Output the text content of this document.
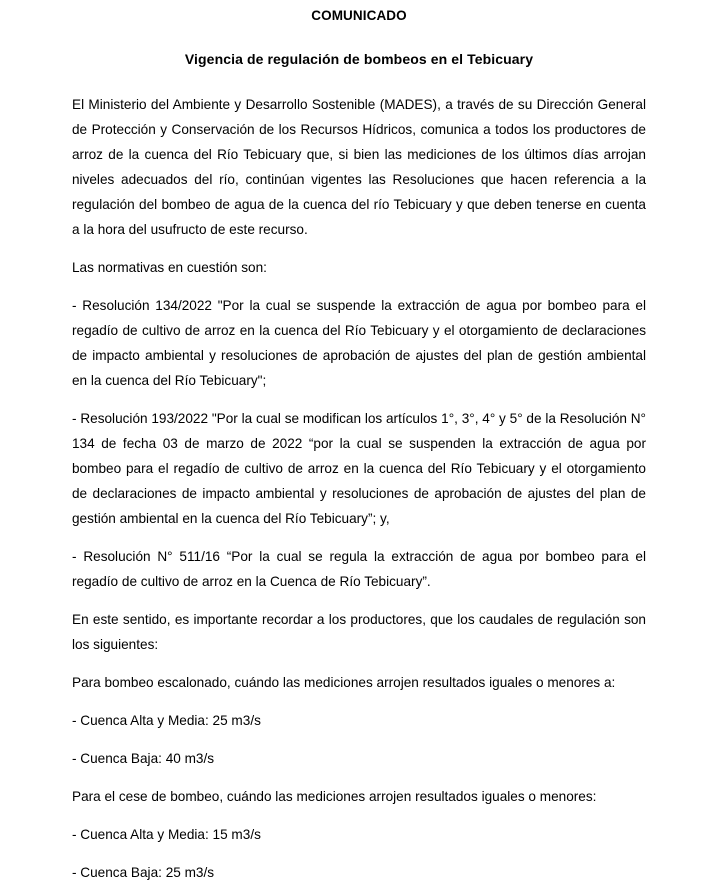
COMUNICADO
Vigencia de regulación de bombeos en el Tebicuary

El Ministerio del Ambiente y Desarrollo Sostenible (MADES), a través de su Dirección General de Protección y Conservación de los Recursos Hídricos, comunica a todos los productores de arroz de la cuenca del Río Tebicuary que, si bien las mediciones de los últimos días arrojan niveles adecuados del río, continúan vigentes las Resoluciones que hacen referencia a la regulación del bombeo de agua de la cuenca del río Tebicuary y que deben tenerse en cuenta a la hora del usufructo de este recurso.

Las normativas en cuestión son:

- Resolución 134/2022 "Por la cual se suspende la extracción de agua por bombeo para el regadío de cultivo de arroz en la cuenca del Río Tebicuary y el otorgamiento de declaraciones de impacto ambiental y resoluciones de aprobación de ajustes del plan de gestión ambiental en la cuenca del Río Tebicuary";

- Resolución 193/2022 "Por la cual se modifican los artículos 1°, 3°, 4° y 5° de la Resolución N° 134 de fecha 03 de marzo de 2022 “por la cual se suspenden la extracción de agua por bombeo para el regadío de cultivo de arroz en la cuenca del Río Tebicuary y el otorgamiento de declaraciones de impacto ambiental y resoluciones de aprobación de ajustes del plan de gestión ambiental en la cuenca del Río Tebicuary”; y,

- Resolución N° 511/16 “Por la cual se regula la extracción de agua por bombeo para el regadío de cultivo de arroz en la Cuenca de Río Tebicuary”.

En este sentido, es importante recordar a los productores, que los caudales de regulación son los siguientes:

Para bombeo escalonado, cuándo las mediciones arrojen resultados iguales o menores a:

- Cuenca Alta y Media: 25 m3/s

- Cuenca Baja: 40 m3/s

Para el cese de bombeo, cuándo las mediciones arrojen resultados iguales o menores:

- Cuenca Alta y Media: 15 m3/s

- Cuenca Baja: 25 m3/s
